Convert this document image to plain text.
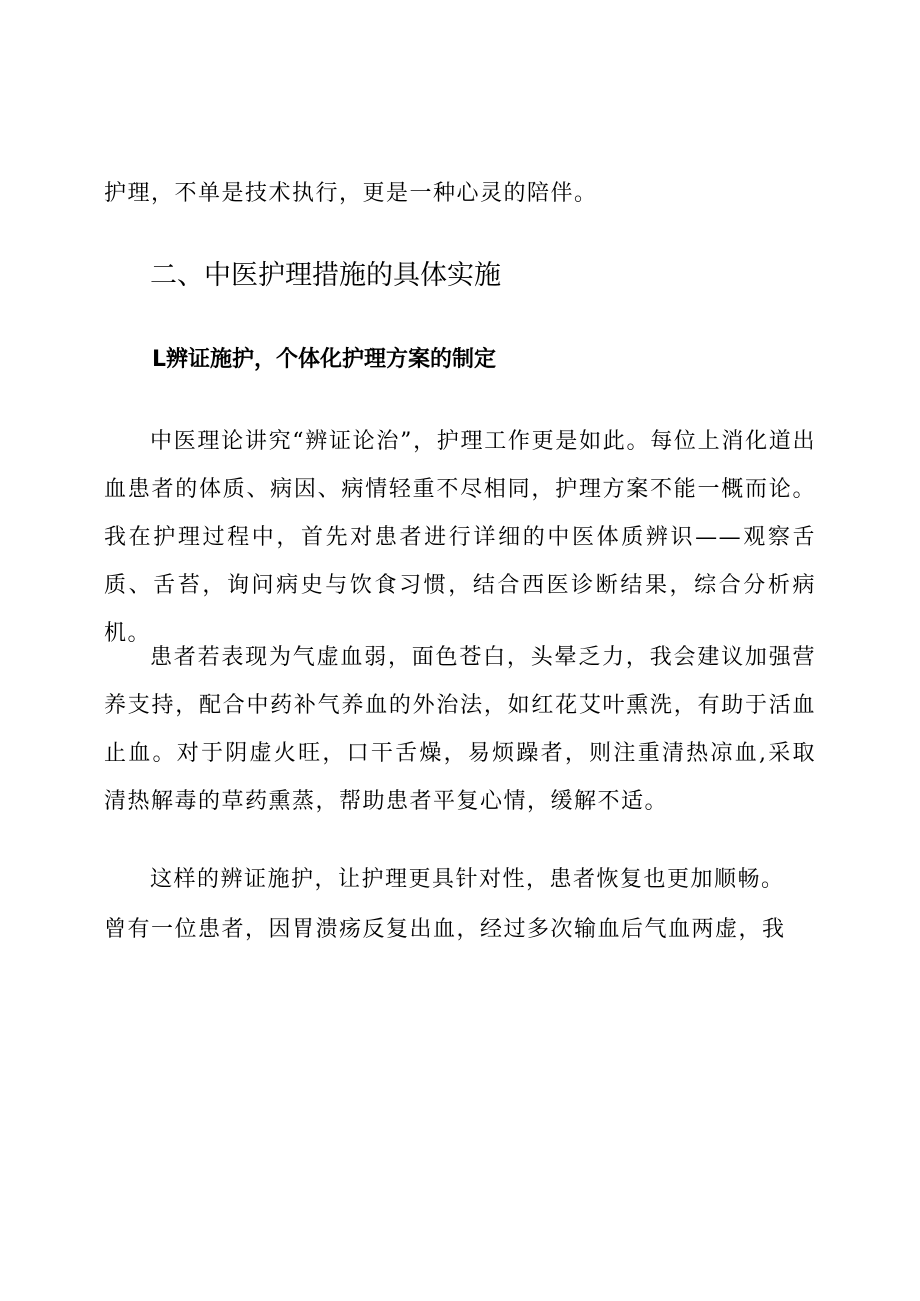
护理，不单是技术执行，更是一种心灵的陪伴。
二、中医护理措施的具体实施
L辨证施护，个体化护理方案的制定
中医理论讲究“辨证论治”，护理工作更是如此。每位上消化道出血患者的体质、病因、病情轻重不尽相同，护理方案不能一概而论。我在护理过程中，首先对患者进行详细的中医体质辨识——观察舌质、舌苔，询问病史与饮食习惯，结合西医诊断结果，综合分析病机。
患者若表现为气虚血弱，面色苍白，头晕乏力，我会建议加强营养支持，配合中药补气养血的外治法，如红花艾叶熏洗，有助于活血止血。对于阴虚火旺，口干舌燥，易烦躁者，则注重清热凉血,采取清热解毒的草药熏蒸，帮助患者平复心情，缓解不适。
这样的辨证施护，让护理更具针对性，患者恢复也更加顺畅。
曾有一位患者，因胃溃疡反复出血，经过多次输血后气血两虚，我
